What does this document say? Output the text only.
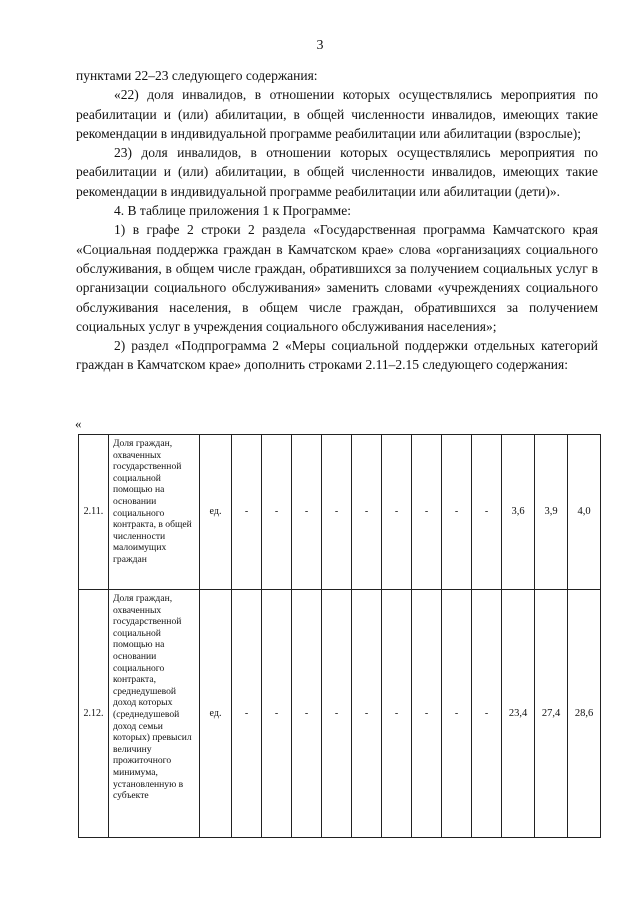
3

пунктами 22–23 следующего содержания:

«22) доля инвалидов, в отношении которых осуществлялись мероприятия по реабилитации и (или) абилитации, в общей численности инвалидов, имеющих такие рекомендации в индивидуальной программе реабилитации или абилитации (взрослые);

23) доля инвалидов, в отношении которых осуществлялись мероприятия по реабилитации и (или) абилитации, в общей численности инвалидов, имеющих такие рекомендации в индивидуальной программе реабилитации или абилитации (дети)».

4. В таблице приложения 1 к Программе:

1) в графе 2 строки 2 раздела «Государственная программа Камчатского края «Социальная поддержка граждан в Камчатском крае» слова «организациях социального обслуживания, в общем числе граждан, обратившихся за получением социальных услуг в организации социального обслуживания» заменить словами «учреждениях социального обслуживания населения, в общем числе граждан, обратившихся за получением социальных услуг в учреждения социального обслуживания населения»;

2) раздел «Подпрограмма 2 «Меры социальной поддержки отдельных категорий граждан в Камчатском крае» дополнить строками 2.11–2.15 следующего содержания:

«
2.11.	Доля граждан, охваченных государственной социальной помощью на основании социального контракта, в общей численности малоимущих граждан	ед.	-	-	-	-	-	-	-	-	-	3,6	3,9	4,0
2.12.	Доля граждан, охваченных государственной социальной помощью на основании социального контракта, среднедушевой доход которых (среднедушевой доход семьи которых) превысил величину прожиточного минимума, установленную в субъекте	ед.	-	-	-	-	-	-	-	-	-	23,4	27,4	28,6
